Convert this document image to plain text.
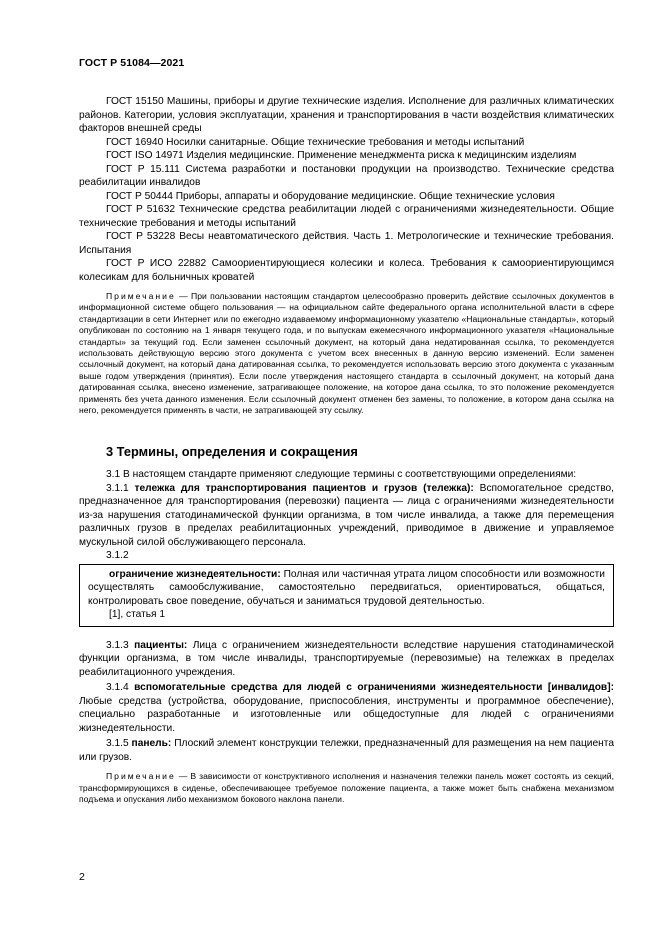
ГОСТ Р 51084—2021

ГОСТ 15150 Машины, приборы и другие технические изделия. Исполнение для различных климатических районов. Категории, условия эксплуатации, хранения и транспортирования в части воздействия климатических факторов внешней среды

ГОСТ 16940 Носилки санитарные. Общие технические требования и методы испытаний

ГОСТ ISO 14971 Изделия медицинские. Применение менеджмента риска к медицинским изделиям

ГОСТ Р 15.111 Система разработки и постановки продукции на производство. Технические средства реабилитации инвалидов

ГОСТ Р 50444 Приборы, аппараты и оборудование медицинские. Общие технические условия

ГОСТ Р 51632 Технические средства реабилитации людей с ограничениями жизнедеятельности. Общие технические требования и методы испытаний

ГОСТ Р 53228 Весы неавтоматического действия. Часть 1. Метрологические и технические требования. Испытания

ГОСТ Р ИСО 22882 Самоориентирующиеся колесики и колеса. Требования к самоориентирующимся колесикам для больничных кроватей

Примечание — При пользовании настоящим стандартом целесообразно проверить действие ссылочных документов в информационной системе общего пользования — на официальном сайте федерального органа исполнительной власти в сфере стандартизации в сети Интернет или по ежегодно издаваемому информационному указателю «Национальные стандарты», который опубликован по состоянию на 1 января текущего года, и по выпускам ежемесячного информационного указателя «Национальные стандарты» за текущий год. Если заменен ссылочный документ, на который дана недатированная ссылка, то рекомендуется использовать действующую версию этого документа с учетом всех внесенных в данную версию изменений. Если заменен ссылочный документ, на который дана датированная ссылка, то рекомендуется использовать версию этого документа с указанным выше годом утверждения (принятия). Если после утверждения настоящего стандарта в ссылочный документ, на который дана датированная ссылка, внесено изменение, затрагивающее положение, на которое дана ссылка, то это положение рекомендуется применять без учета данного изменения. Если ссылочный документ отменен без замены, то положение, в котором дана ссылка на него, рекомендуется применять в части, не затрагивающей эту ссылку.

3 Термины, определения и сокращения

3.1 В настоящем стандарте применяют следующие термины с соответствующими определениями:

3.1.1 тележка для транспортирования пациентов и грузов (тележка): Вспомогательное средство, предназначенное для транспортирования (перевозки) пациента — лица с ограничениями жизнедеятельности из-за нарушения статодинамической функции организма, в том числе инвалида, а также для перемещения различных грузов в пределах реабилитационных учреждений, приводимое в движение и управляемое мускульной силой обслуживающего персонала.

3.1.2

ограничение жизнедеятельности: Полная или частичная утрата лицом способности или возможности осуществлять самообслуживание, самостоятельно передвигаться, ориентироваться, общаться, контролировать свое поведение, обучаться и заниматься трудовой деятельностью.

[1], статья 1

3.1.3 пациенты: Лица с ограничением жизнедеятельности вследствие нарушения статодинамической функции организма, в том числе инвалиды, транспортируемые (перевозимые) на тележках в пределах реабилитационного учреждения.

3.1.4 вспомогательные средства для людей с ограничениями жизнедеятельности [инвалидов]: Любые средства (устройства, оборудование, приспособления, инструменты и программное обеспечение), специально разработанные и изготовленные или общедоступные для людей с ограничениями жизнедеятельности.

3.1.5 панель: Плоский элемент конструкции тележки, предназначенный для размещения на нем пациента или грузов.

Примечание — В зависимости от конструктивного исполнения и назначения тележки панель может состоять из секций, трансформирующихся в сиденье, обеспечивающее требуемое положение пациента, а также может быть снабжена механизмом подъема и опускания либо механизмом бокового наклона панели.

2
